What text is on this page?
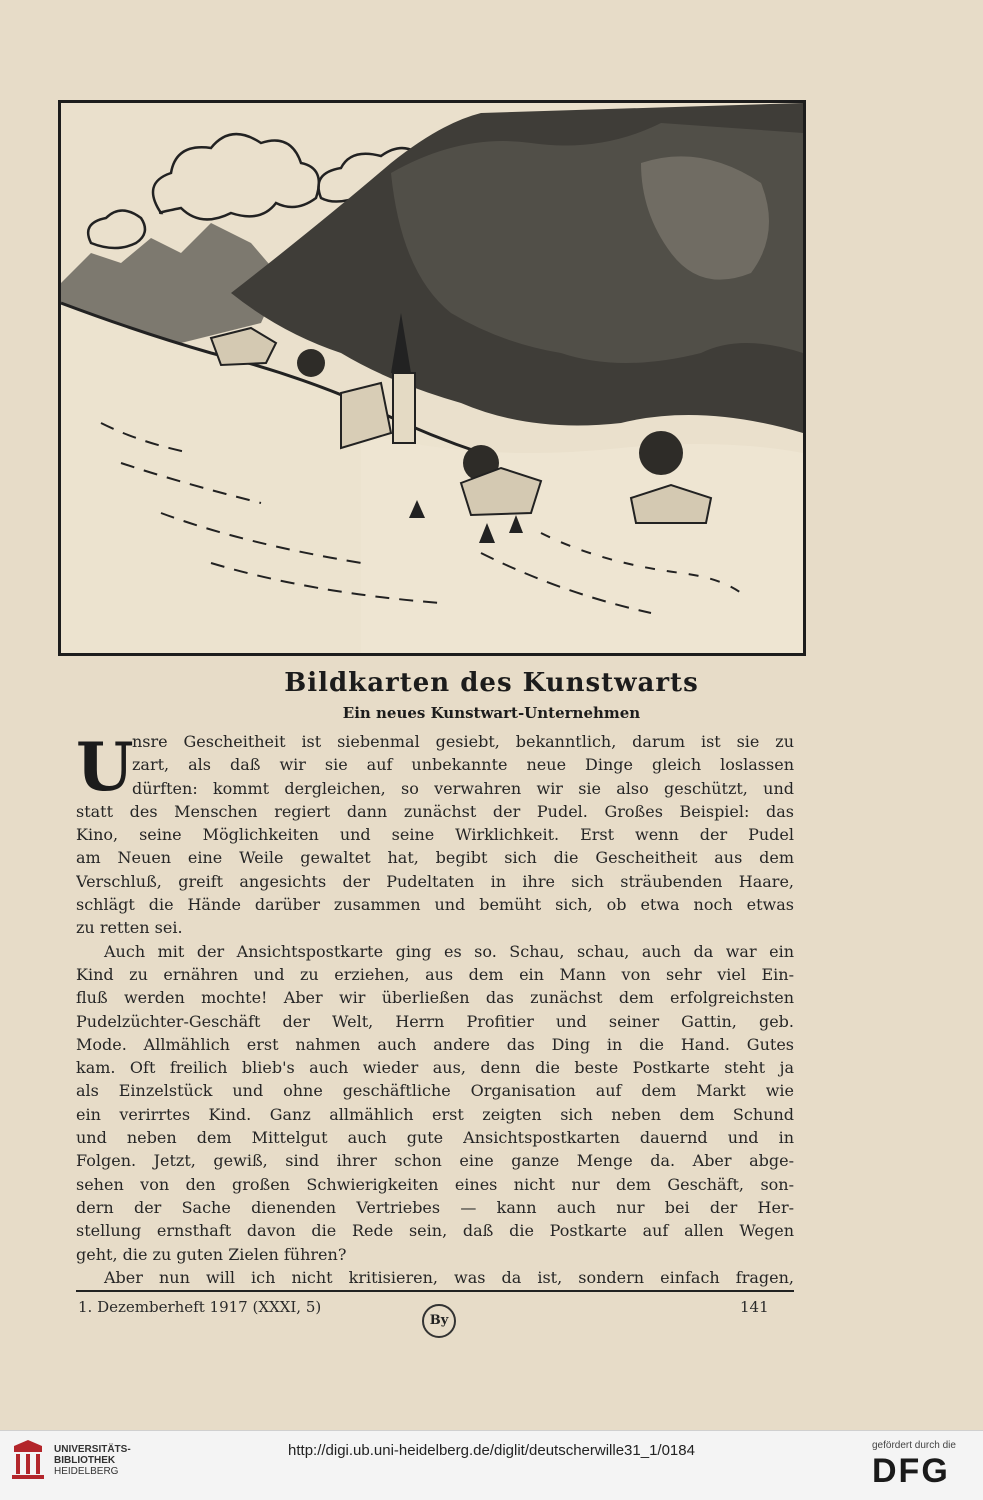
Bildkarten des Kunstwarts
Ein neues Kunstwart-Unternehmen
U
nsre Gescheitheit ist siebenmal gesiebt, bekanntlich, darum ist sie zu
zart, als daß wir sie auf unbekannte neue Dinge gleich loslassen
dürften: kommt dergleichen, so verwahren wir sie also geschützt, und
statt des Menschen regiert dann zunächst der Pudel. Großes Beispiel: das
Kino, seine Möglichkeiten und seine Wirklichkeit. Erst wenn der Pudel
am Neuen eine Weile gewaltet hat, begibt sich die Gescheitheit aus dem
Verschluß, greift angesichts der Pudeltaten in ihre sich sträubenden Haare,
schlägt die Hände darüber zusammen und bemüht sich, ob etwa noch etwas
zu retten sei.
Auch mit der Ansichtspostkarte ging es so. Schau, schau, auch da war ein
Kind zu ernähren und zu erziehen, aus dem ein Mann von sehr viel Ein-
fluß werden mochte! Aber wir überließen das zunächst dem erfolgreichsten
Pudelzüchter-Geschäft der Welt, Herrn Profitier und seiner Gattin, geb.
Mode. Allmählich erst nahmen auch andere das Ding in die Hand. Gutes
kam. Oft freilich blieb's auch wieder aus, denn die beste Postkarte steht ja
als Einzelstück und ohne geschäftliche Organisation auf dem Markt wie
ein verirrtes Kind. Ganz allmählich erst zeigten sich neben dem Schund
und neben dem Mittelgut auch gute Ansichtspostkarten dauernd und in
Folgen. Jetzt, gewiß, sind ihrer schon eine ganze Menge da. Aber abge-
sehen von den großen Schwierigkeiten eines nicht nur dem Geschäft, son-
dern der Sache dienenden Vertriebes — kann auch nur bei der Her-
stellung ernsthaft davon die Rede sein, daß die Postkarte auf allen Wegen
geht, die zu guten Zielen führen?
Aber nun will ich nicht kritisieren, was da ist, sondern einfach fragen,
1. Dezemberheft 1917 (XXXI, 5)
By
141
UNIVERSITÄTS-
BIBLIOTHEK
HEIDELBERG
http://digi.ub.uni-heidelberg.de/diglit/deutscherwille31_1/0184	gefördert durch die
DFG
